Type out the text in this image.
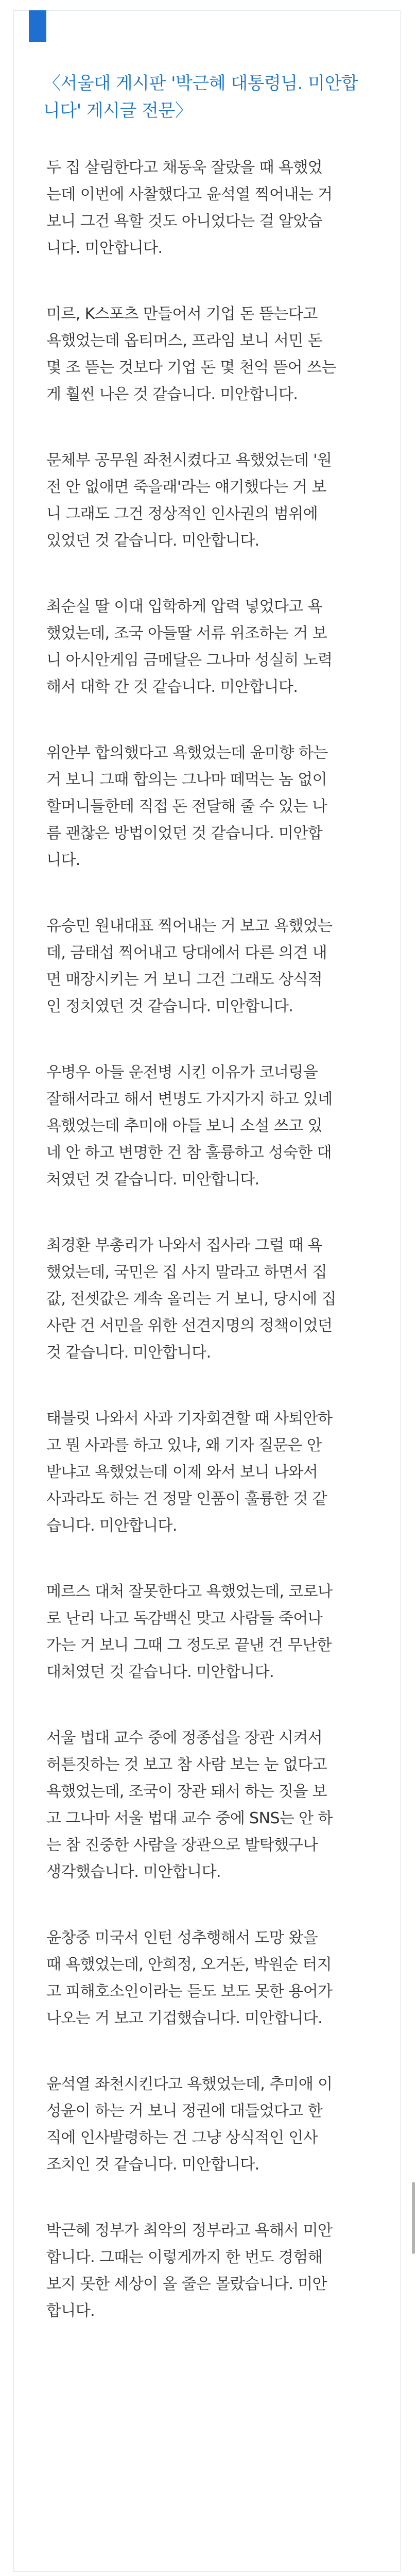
〈서울대 게시판 '박근혜 대통령님. 미안합
니다' 게시글 전문〉

두 집 살림한다고 채동욱 잘랐을 때 욕했었
는데 이번에 사찰했다고 윤석열 찍어내는 거
보니 그건 욕할 것도 아니었다는 걸 알았습
니다. 미안합니다.

미르, K스포츠 만들어서 기업 돈 뜯는다고
욕했었는데 옵티머스, 프라임 보니 서민 돈
몇 조 뜯는 것보다 기업 돈 몇 천억 뜯어 쓰는
게 훨씬 나은 것 같습니다. 미안합니다.

문체부 공무원 좌천시켰다고 욕했었는데 '원
전 안 없애면 죽을래'라는 얘기했다는 거 보
니 그래도 그건 정상적인 인사권의 범위에
있었던 것 같습니다. 미안합니다.

최순실 딸 이대 입학하게 압력 넣었다고 욕
했었는데, 조국 아들딸 서류 위조하는 거 보
니 아시안게임 금메달은 그나마 성실히 노력
해서 대학 간 것 같습니다. 미안합니다.

위안부 합의했다고 욕했었는데 윤미향 하는
거 보니 그때 합의는 그나마 떼먹는 놈 없이
할머니들한테 직접 돈 전달해 줄 수 있는 나
름 괜찮은 방법이었던 것 같습니다. 미안합
니다.

유승민 원내대표 찍어내는 거 보고 욕했었는
데, 금태섭 찍어내고 당대에서 다른 의견 내
면 매장시키는 거 보니 그건 그래도 상식적
인 정치였던 것 같습니다. 미안합니다.

우병우 아들 운전병 시킨 이유가 코너링을
잘해서라고 해서 변명도 가지가지 하고 있네
욕했었는데 추미애 아들 보니 소설 쓰고 있
네 안 하고 변명한 건 참 훌륭하고 성숙한 대
처였던 것 같습니다. 미안합니다.

최경환 부총리가 나와서 집사라 그럴 때 욕
했었는데, 국민은 집 사지 말라고 하면서 집
값, 전셋값은 계속 올리는 거 보니, 당시에 집
사란 건 서민을 위한 선견지명의 정책이었던
것 같습니다. 미안합니다.

태블릿 나와서 사과 기자회견할 때 사퇴안하
고 뭔 사과를 하고 있냐, 왜 기자 질문은 안
받냐고 욕했었는데 이제 와서 보니 나와서
사과라도 하는 건 정말 인품이 훌륭한 것 같
습니다. 미안합니다.

메르스 대처 잘못한다고 욕했었는데, 코로나
로 난리 나고 독감백신 맞고 사람들 죽어나
가는 거 보니 그때 그 정도로 끝낸 건 무난한
대처였던 것 같습니다. 미안합니다.

서울 법대 교수 중에 정종섭을 장관 시켜서
허튼짓하는 것 보고 참 사람 보는 눈 없다고
욕했었는데, 조국이 장관 돼서 하는 짓을 보
고 그나마 서울 법대 교수 중에 SNS는 안 하
는 참 진중한 사람을 장관으로 발탁했구나
생각했습니다. 미안합니다.

윤창중 미국서 인턴 성추행해서 도망 왔을
때 욕했었는데, 안희정, 오거돈, 박원순 터지
고 피해호소인이라는 듣도 보도 못한 용어가
나오는 거 보고 기겁했습니다. 미안합니다.

윤석열 좌천시킨다고 욕했었는데, 추미애 이
성윤이 하는 거 보니 정권에 대들었다고 한
직에 인사발령하는 건 그냥 상식적인 인사
조치인 것 같습니다. 미안합니다.

박근혜 정부가 최악의 정부라고 욕해서 미안
합니다. 그때는 이렇게까지 한 번도 경험해
보지 못한 세상이 올 줄은 몰랐습니다. 미안
합니다.
